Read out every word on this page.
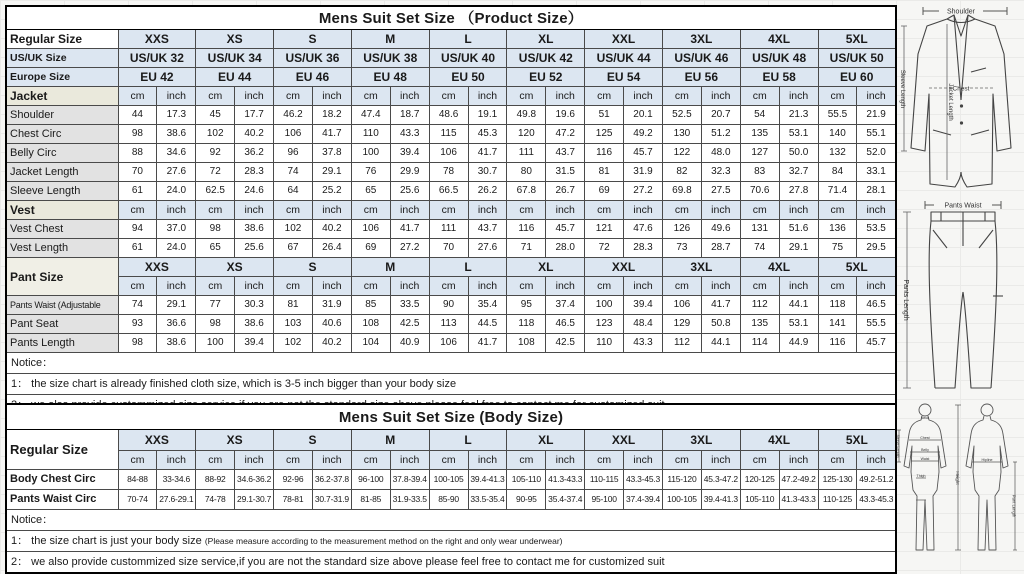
Mens Suit Set Size （Product Size）																				
Regular Size	XXS		XS		S		M		L		XL		XXL		3XL		4XL		5XL	
US/UK Size	US/UK 32		US/UK 34		US/UK 36		US/UK 38		US/UK 40		US/UK 42		US/UK 44		US/UK 46		US/UK 48		US/UK 50	
Europe Size	EU 42		EU 44		EU 46		EU 48		EU 50		EU 52		EU 54		EU 56		EU 58		EU 60	
Jacket	cm	inch	cm	inch	cm	inch	cm	inch	cm	inch	cm	inch	cm	inch	cm	inch	cm	inch	cm	inch
Shoulder	44	17.3	45	17.7	46.2	18.2	47.4	18.7	48.6	19.1	49.8	19.6	51	20.1	52.5	20.7	54	21.3	55.5	21.9
Chest Circ	98	38.6	102	40.2	106	41.7	110	43.3	115	45.3	120	47.2	125	49.2	130	51.2	135	53.1	140	55.1
Belly Circ	88	34.6	92	36.2	96	37.8	100	39.4	106	41.7	111	43.7	116	45.7	122	48.0	127	50.0	132	52.0
Jacket Length	70	27.6	72	28.3	74	29.1	76	29.9	78	30.7	80	31.5	81	31.9	82	32.3	83	32.7	84	33.1
Sleeve Length	61	24.0	62.5	24.6	64	25.2	65	25.6	66.5	26.2	67.8	26.7	69	27.2	69.8	27.5	70.6	27.8	71.4	28.1
Vest	cm	inch	cm	inch	cm	inch	cm	inch	cm	inch	cm	inch	cm	inch	cm	inch	cm	inch	cm	inch
Vest Chest	94	37.0	98	38.6	102	40.2	106	41.7	111	43.7	116	45.7	121	47.6	126	49.6	131	51.6	136	53.5
Vest Length	61	24.0	65	25.6	67	26.4	69	27.2	70	27.6	71	28.0	72	28.3	73	28.7	74	29.1	75	29.5
Pant Size	XXS		XS		S		M		L		XL		XXL		3XL		4XL		5XL	
	cm	inch	cm	inch	cm	inch	cm	inch	cm	inch	cm	inch	cm	inch	cm	inch	cm	inch	cm	inch
Pants Waist (Adjustable	74	29.1	77	30.3	81	31.9	85	33.5	90	35.4	95	37.4	100	39.4	106	41.7	112	44.1	118	46.5
Pant Seat	93	36.6	98	38.6	103	40.6	108	42.5	113	44.5	118	46.5	123	48.4	129	50.8	135	53.1	141	55.5
Pants Length	98	38.6	100	39.4	102	40.2	104	40.9	106	41.7	108	42.5	110	43.3	112	44.1	114	44.9	116	45.7
Notice：																				
1： the size chart is already finished cloth size, which is 3-5 inch bigger than your body size																				

Mens Suit Set Size (Body Size)																				
Regular Size	XXS		XS		S		M		L		XL		XXL		3XL		4XL		5XL	
	cm	inch	cm	inch	cm	inch	cm	inch	cm	inch	cm	inch	cm	inch	cm	inch	cm	inch	cm	inch
Body Chest Circ	84-88	33-34.6	88-92	34.6-36.2	92-96	36.2-37.8	96-100	37.8-39.4	100-105	39.4-41.3	105-110	41.3-43.3	110-115	43.3-45.3	115-120	45.3-47.2	120-125	47.2-49.2	125-130	49.2-51.2
Pants Waist Circ	70-74	27.6-29.1	74-78	29.1-30.7	78-81	30.7-31.9	81-85	31.9-33.5	85-90	33.5-35.4	90-95	35.4-37.4	95-100	37.4-39.4	100-105	39.4-41.3	105-110	41.3-43.3	110-125	43.3-45.3
Notice：																				
1： the size chart is just your body size (Please measure according to the measurement method on the right and only wear underwear)																				
2： we also provide custommized size service,if you are not the standard size above please feel free to contact me for customized suit																				
Shoulder
Chest
Jacket Length
Sleeve Length
Pants Waist
Pants Length
Neck
Chest
Belly
Waist
Thigh
Hipline
Sleeve Length
Height
Pant Length
